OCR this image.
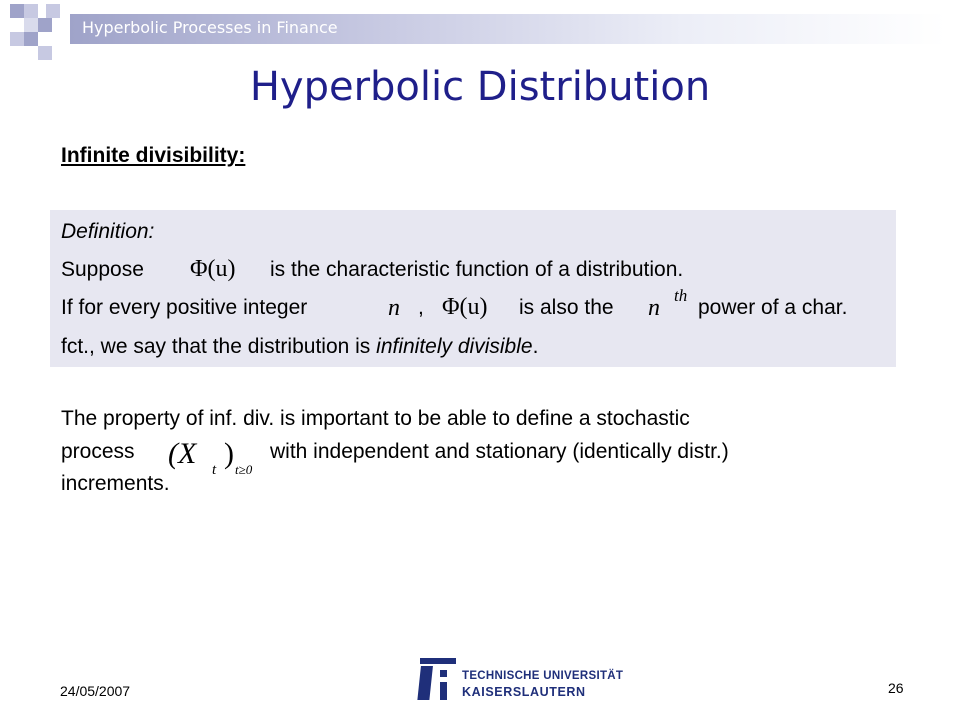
Hyperbolic Processes in Finance
Hyperbolic Distribution
Infinite divisibility:
Definition:
Suppose Φ(u) is the characteristic function of a distribution.
If for every positive integer	n , Φ(u) is also the n th
power of a char.
fct., we say that the distribution is infinitely divisible.
The property of inf. div. is important to be able to define a stochastic
process (X t ) t≥0
with independent and stationary (identically distr.)
increments.
24/05/2007	26
TECHNISCHE UNIVERSITÄT
KAISERSLAUTERN
